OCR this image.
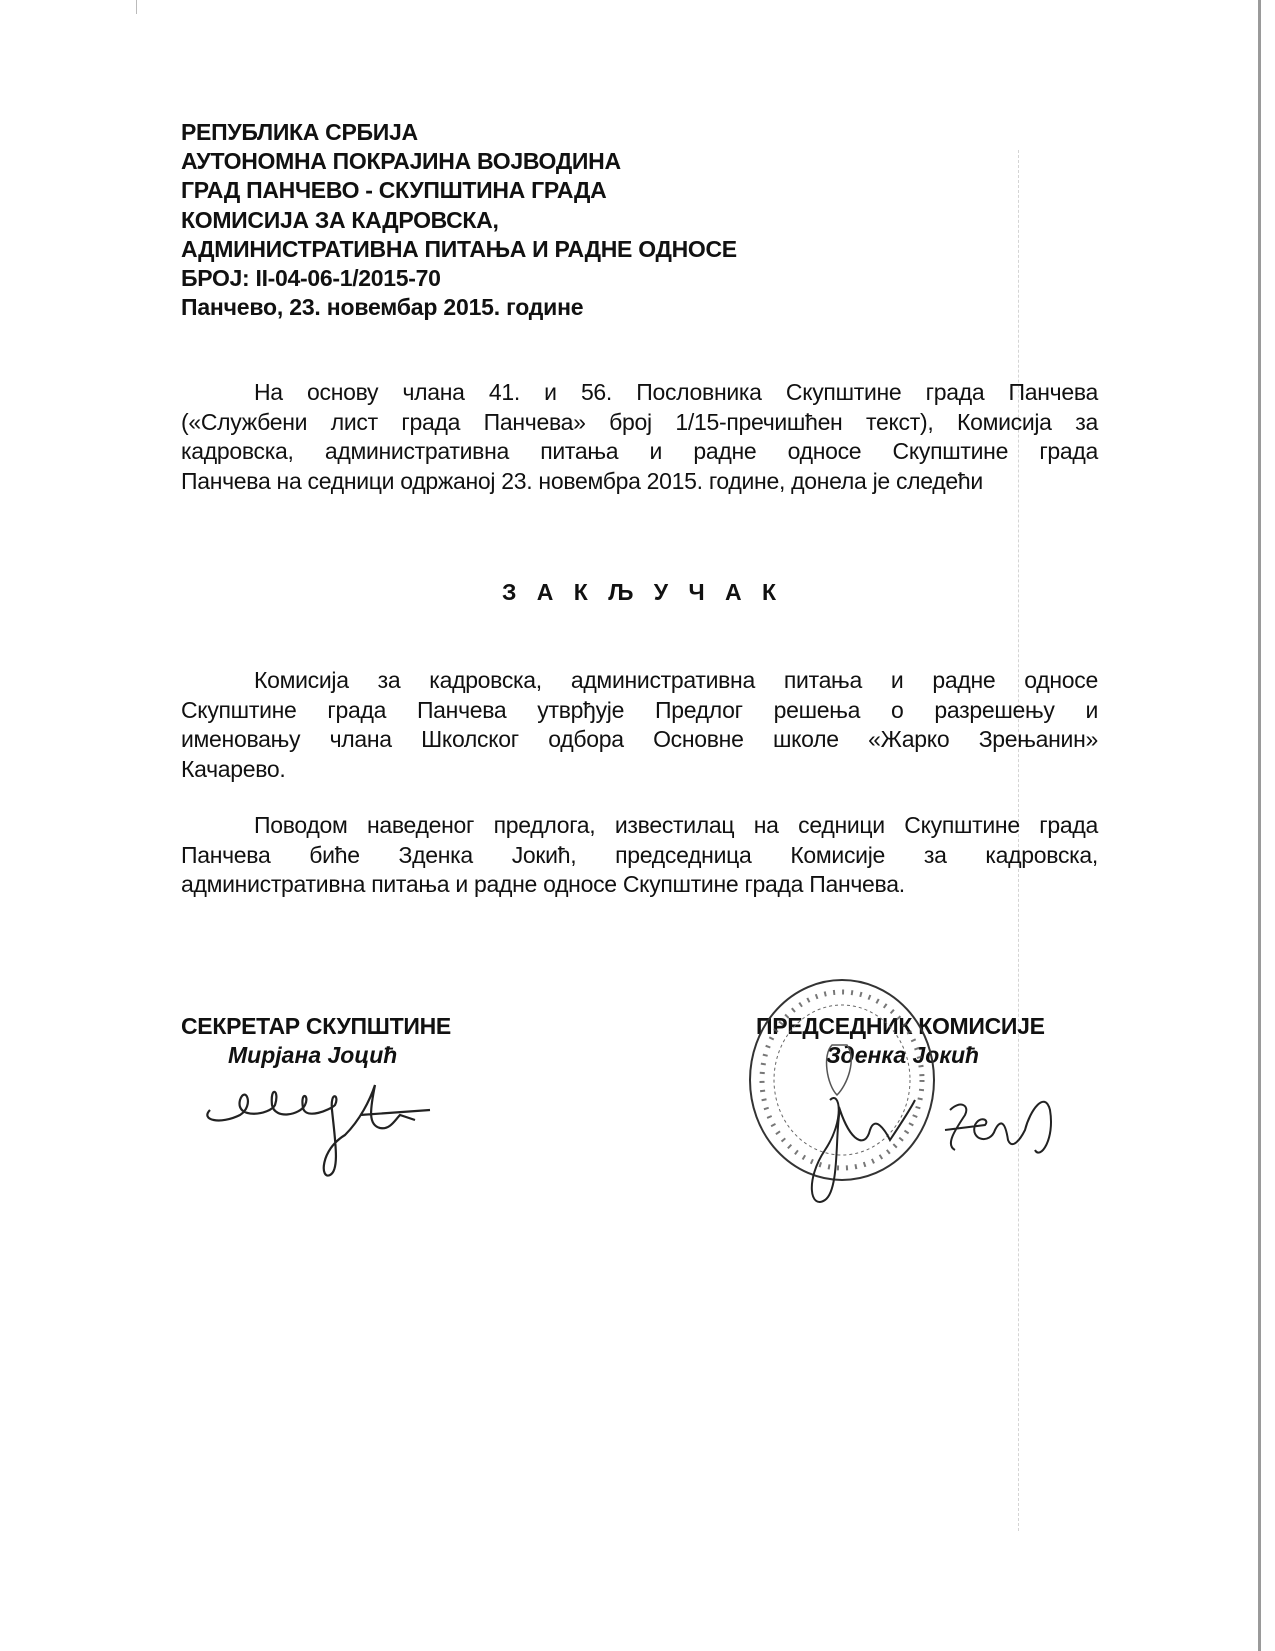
РЕПУБЛИКА СРБИЈА
АУТОНОМНА ПОКРАЈИНА ВОЈВОДИНА
ГРАД ПАНЧЕВО - СКУПШТИНА ГРАДА
КОМИСИЈА ЗА КАДРОВСКА,
АДМИНИСТРАТИВНА ПИТАЊА И РАДНЕ ОДНОСЕ
БРОЈ: II-04-06-1/2015-70
Панчево, 23. новембар 2015. године
На основу члана 41. и 56. Пословника Скупштине града Панчева
(«Службени лист града Панчева» број 1/15-пречишћен текст), Комисија за
кадровска, административна питања и радне односе Скупштине града
Панчева на седници одржаној 23. новембра 2015. године, донела је следећи
З А К Љ У Ч А К
Комисија за кадровска, административна питања и радне односе
Скупштине града Панчева утврђује Предлог решења о разрешењу и
именовању члана Школског одбора Основне школе «Жарко Зрењанин»
Качарево.
Поводом наведеног предлога, известилац на седници Скупштине града
Панчева биће Зденка Јокић, председница Комисије за кадровска,
административна питања и радне односе Скупштине града Панчева.
СЕКРЕТАР СКУПШТИНЕ
Мирјана Јоцић
ПРЕДСЕДНИК КОМИСИЈЕ
Зденка Јокић
